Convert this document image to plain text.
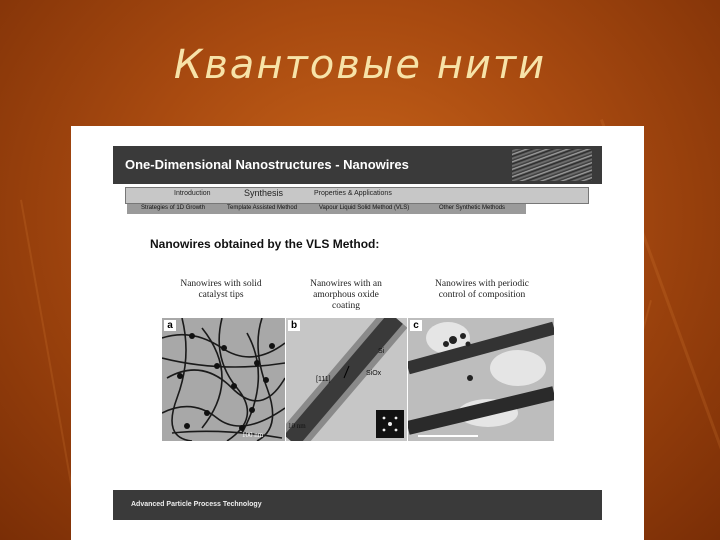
Квантовые нити
One-Dimensional Nanostructures - Nanowires
Introduction	Synthesis	Properties & Applications
Strategies of 1D Growth	Template Assisted Method	Vapour Liquid Solid Method (VLS)	Other Synthetic Methods
Nanowires obtained by the VLS Method:
Nanowires with solid catalyst tips
Nanowires with an amorphous oxide coating
Nanowires with periodic control of composition
a
100 nm
b
Si
SiOx
[111]
10 nm
c
Advanced Particle Process Technology
